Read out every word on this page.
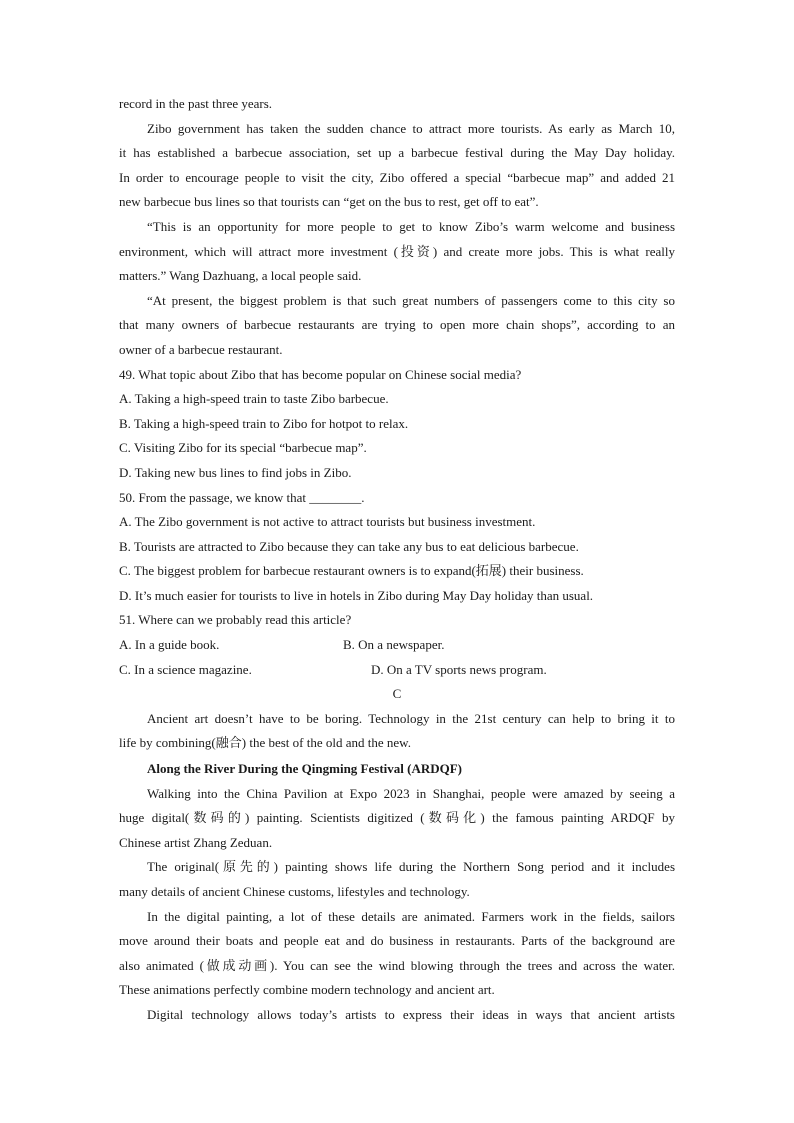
record in the past three years.
Zibo government has taken the sudden chance to attract more tourists. As early as March 10,
it has established a barbecue association, set up a barbecue festival during the May Day holiday.
In order to encourage people to visit the city, Zibo offered a special “barbecue map” and added 21
new barbecue bus lines so that tourists can “get on the bus to rest, get off to eat”.
“This is an opportunity for more people to get to know Zibo’s warm welcome and business
environment, which will attract more investment (投资) and create more jobs. This is what really
matters.” Wang Dazhuang, a local people said.
“At present, the biggest problem is that such great numbers of passengers come to this city so
that many owners of barbecue restaurants are trying to open more chain shops”, according to an
owner of a barbecue restaurant.
49. What topic about Zibo that has become popular on Chinese social media?
A. Taking a high-speed train to taste Zibo barbecue.
B. Taking a high-speed train to Zibo for hotpot to relax.
C. Visiting Zibo for its special “barbecue map”.
D. Taking new bus lines to find jobs in Zibo.
50. From the passage, we know that ________.
A. The Zibo government is not active to attract tourists but business investment.
B. Tourists are attracted to Zibo because they can take any bus to eat delicious barbecue.
C. The biggest problem for barbecue restaurant owners is to expand(拓展) their business.
D. It’s much easier for tourists to live in hotels in Zibo during May Day holiday than usual.
51. Where can we probably read this article?
A. In a guide book.	B. On a newspaper.
C. In a science magazine.	D. On a TV sports news program.
C
Ancient art doesn’t have to be boring. Technology in the 21st century can help to bring it to
life by combining(融合) the best of the old and the new.
Along the River During the Qingming Festival (ARDQF)
Walking into the China Pavilion at Expo 2023 in Shanghai, people were amazed by seeing a
huge digital(数码的) painting. Scientists digitized (数码化) the famous painting ARDQF by
Chinese artist Zhang Zeduan.
The original(原先的) painting shows life during the Northern Song period and it includes
many details of ancient Chinese customs, lifestyles and technology.
In the digital painting, a lot of these details are animated. Farmers work in the fields, sailors
move around their boats and people eat and do business in restaurants. Parts of the background are
also animated (做成动画). You can see the wind blowing through the trees and across the water.
These animations perfectly combine modern technology and ancient art.
Digital technology allows today’s artists to express their ideas in ways that ancient artists
